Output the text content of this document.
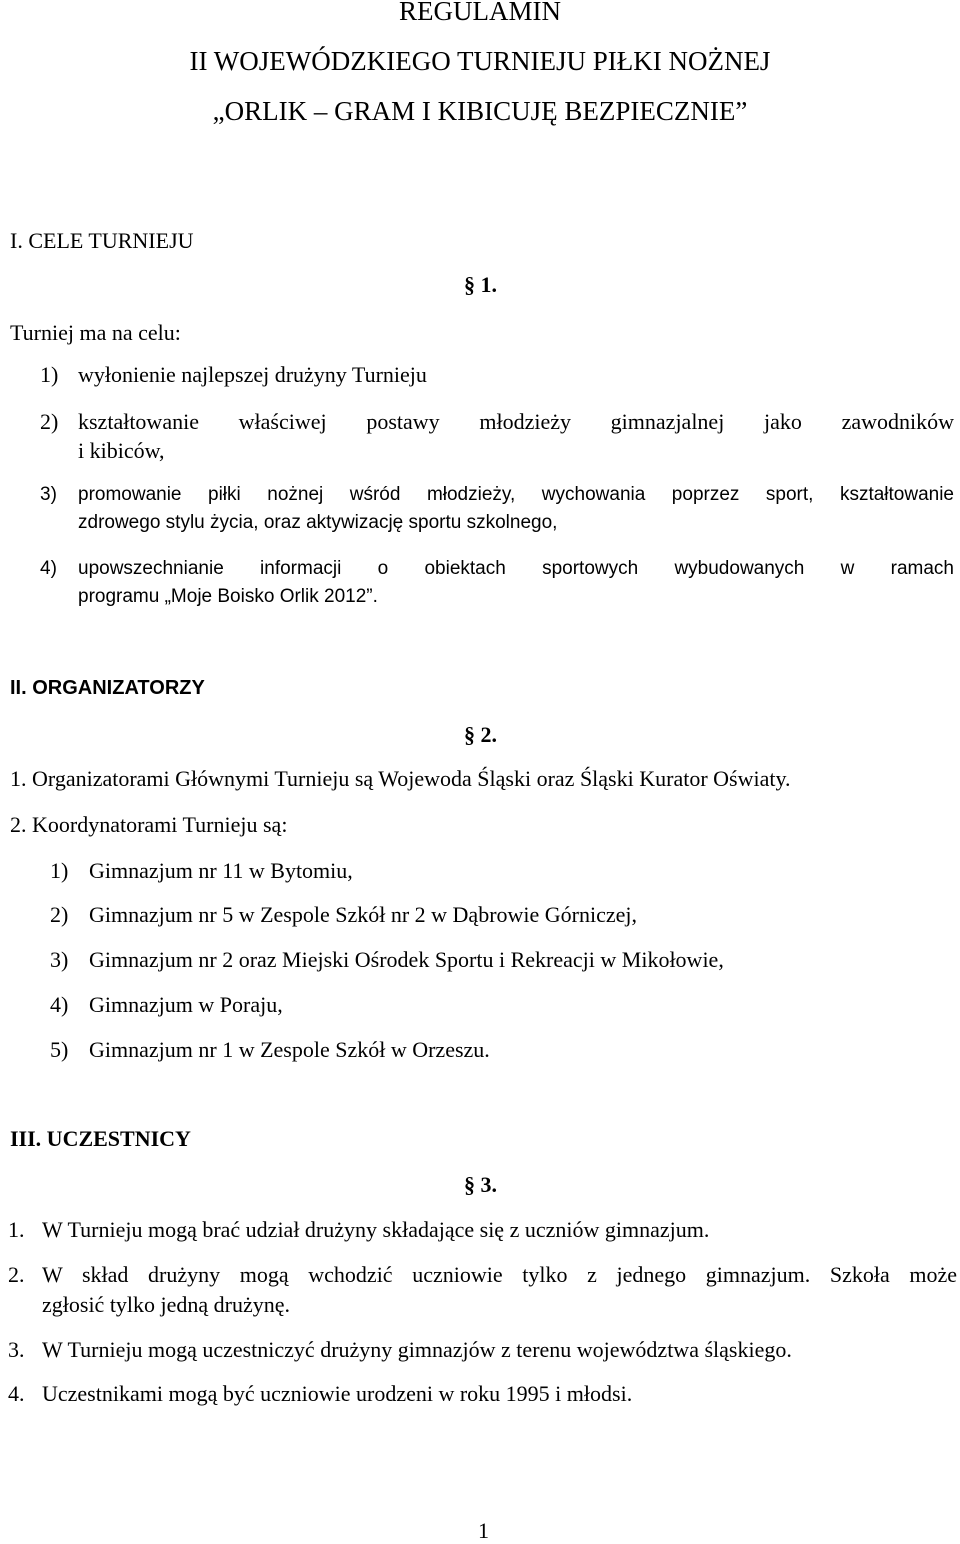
REGULAMIN
II WOJEWÓDZKIEGO TURNIEJU PIŁKI NOŻNEJ
„ORLIK – GRAM I KIBICUJĘ BEZPIECZNIE”
I. CELE TURNIEJU
§ 1.
Turniej ma na celu:
1) wyłonienie najlepszej drużyny Turnieju
2) kształtowanie właściwej postawy młodzieży gimnazjalnej jako zawodników
i kibiców,
3) promowanie piłki nożnej wśród młodzieży, wychowania poprzez sport, kształtowanie
zdrowego stylu życia, oraz aktywizację sportu szkolnego,
4) upowszechnianie informacji o obiektach sportowych wybudowanych w ramach
programu „Moje Boisko Orlik 2012”.
II. ORGANIZATORZY
§ 2.
1. Organizatorami Głównymi Turnieju są Wojewoda Śląski oraz Śląski Kurator Oświaty.
2. Koordynatorami Turnieju są:
1) Gimnazjum nr 11 w Bytomiu,
2) Gimnazjum nr 5 w Zespole Szkół nr 2 w Dąbrowie Górniczej,
3) Gimnazjum nr 2 oraz Miejski Ośrodek Sportu i Rekreacji w Mikołowie,
4) Gimnazjum w Poraju,
5) Gimnazjum nr 1 w Zespole Szkół w Orzeszu.
III. UCZESTNICY
§ 3.
1. W Turnieju mogą brać udział drużyny składające się z uczniów gimnazjum.
2. W skład drużyny mogą wchodzić uczniowie tylko z jednego gimnazjum. Szkoła może
zgłosić tylko jedną drużynę.
3. W Turnieju mogą uczestniczyć drużyny gimnazjów z terenu województwa śląskiego.
4. Uczestnikami mogą być uczniowie urodzeni w roku 1995 i młodsi.
1
